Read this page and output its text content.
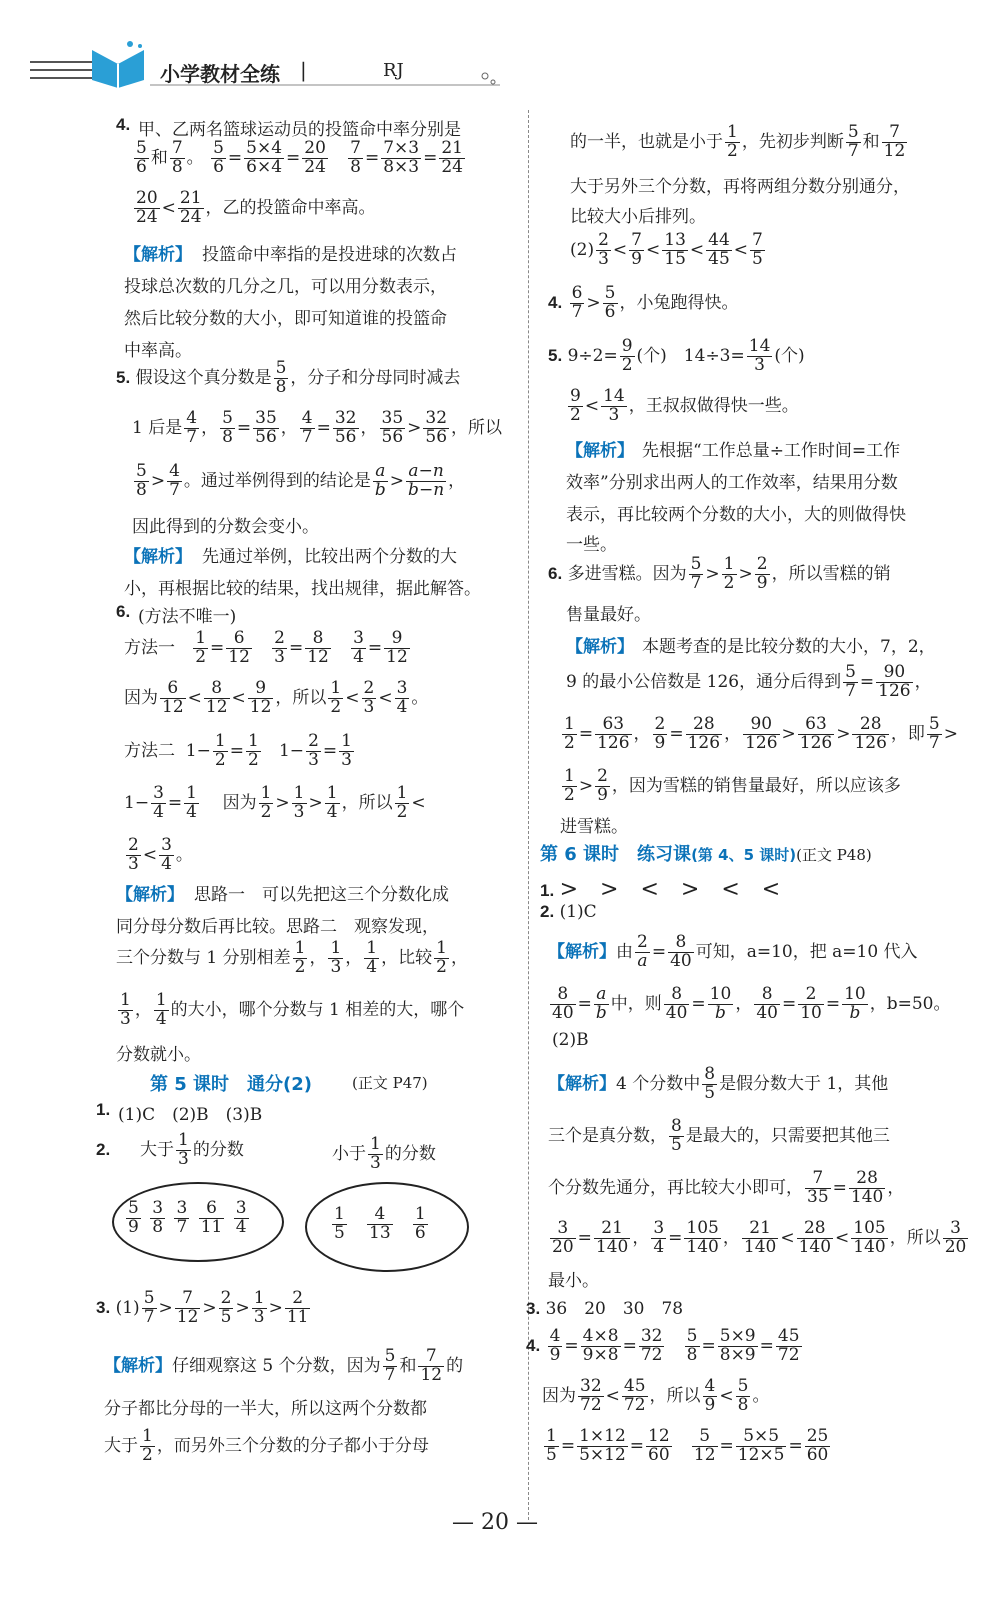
小学教材全练 |	RJ
4. 甲、乙两名篮球运动员的投篮命中率分别是
$\frac{5}{6}$ 和 $\frac{7}{8}$ 。 $\frac{5}{6} = \frac{5\times 4}{6\times 4} = \frac{20}{24}$
$\frac{7}{8} = \frac{7\times 3}{8\times 3} = \frac{21}{24}$
$\frac{20}{24} < \frac{21}{24}$ ，乙的投篮命中率高。
【解析】 投篮命中率指的是投进球的次数占
投球总次数的几分之几，可以用分数表示，
然后比较分数的大小，即可知道谁的投篮命
中率高。
5. 假设这个真分数是 $\frac{5}{8}$ ，分子和分母同时减去
1 后是 $\frac{4}{7}$ ， $\frac{5}{8} = \frac{35}{56}$ ， $\frac{4}{7} = \frac{32}{56}$ ， $\frac{35}{56} > \frac{32}{56}$ ，所以
$\frac{5}{8} > \frac{4}{7}$ 。通过举例得到的结论是 $\frac{a}{b} > \frac{a-n}{b-n}$ ，
因此得到的分数会变小。
【解析】 先通过举例，比较出两个分数的大
小，再根据比较的结果，找出规律，据此解答。
6. (方法不唯一)
方法一 $\frac{1}{2} = \frac{6}{12}$
$\frac{2}{3} = \frac{8}{12}$
$\frac{3}{4} = \frac{9}{12}$
因为 $\frac{6}{12} < \frac{8}{12} < \frac{9}{12}$ ，所以 $\frac{1}{2} < \frac{2}{3} < \frac{3}{4}$ 。
方法二  $1- \frac{1}{2} = \frac{1}{2} 1- \frac{2}{3} = \frac{1}{3}$
$1- \frac{3}{4} = \frac{1}{4}$ 因为 $\frac{1}{2} > \frac{1}{3} > \frac{1}{4}$ ，所以 $\frac{1}{2}$ <
$\frac{2}{3} < \frac{3}{4}$ 。
【解析】 思路一　可以先把这三个分数化成
同分母分数后再比较。思路二　观察发现，
三个分数与 1 分别相差 $\frac{1}{2}$ ， $\frac{1}{3}$ ， $\frac{1}{4}$ ，比较 $\frac{1}{2}$ ，
$\frac{1}{3}$ ， $\frac{1}{4}$ 的大小，哪个分数与 1 相差的大，哪个
分数就小。
第 5 课时　通分(2)	(正文 P47)
1. (1)C　(2)B　(3)B
2. 大于 $\frac{1}{3}$ 的分数	小于 $\frac{1}{3}$ 的分数
$\frac{5}{9}$
$\frac{3}{8}$
$\frac{3}{7}$
$\frac{6}{11}$
$\frac{3}{4}$	$\frac{1}{5}$
$\frac{4}{13}$
$\frac{1}{6}$
3. $(1) \frac{5}{7} > \frac{7}{12} > \frac{2}{5} > \frac{1}{3} > \frac{2}{11}$
【解析】仔细观察这 5 个分数，因为 $\frac{5}{7}$ 和 $\frac{7}{12}$ 的
分子都比分母的一半大，所以这两个分数都
大于 $\frac{1}{2}$ ，而另外三个分数的分子都小于分母
的一半，也就是小于 $\frac{1}{2}$ ，先初步判断 $\frac{5}{7}$ 和 $\frac{7}{12}$
大于另外三个分数，再将两组分数分别通分，
比较大小后排列。
$(2) \frac{2}{3} < \frac{7}{9} < \frac{13}{15} < \frac{44}{45} < \frac{7}{5}$
4. $\frac{6}{7} > \frac{5}{6}$ ，小兔跑得快。
5. $9\div 2= \frac{9}{2}$ (个)　$14\div 3= \frac{14}{3}$ (个)
$\frac{9}{2} < \frac{14}{3}$ ，王叔叔做得快一些。
【解析】 先根据“工作总量÷工作时间=工作
效率”分别求出两人的工作效率，结果用分数
表示，再比较两个分数的大小，大的则做得快
一些。
6. 多进雪糕。因为 $\frac{5}{7} > \frac{1}{2} > \frac{2}{9}$ ，所以雪糕的销
售量最好。
【解析】 本题考查的是比较分数的大小，7，2，
9 的最小公倍数是 126，通分后得到 $\frac{5}{7} = \frac{90}{126}$ ，
$\frac{1}{2} = \frac{63}{126}$ ， $\frac{2}{9} = \frac{28}{126}$ ， $\frac{90}{126} > \frac{63}{126} > \frac{28}{126}$ ，即 $\frac{5}{7}$ >
$\frac{1}{2} > \frac{2}{9}$ ，因为雪糕的销售量最好，所以应该多
进雪糕。
第 6 课时　练习课(第 4、5 课时)(正文 P48)
1. >　>　<　>　<　<
2. (1)C
【解析】由 $\frac{2}{a} = \frac{8}{40}$ 可知，a=10，把 a=10 代入
$\frac{8}{40} = \frac{a}{b}$ 中，则 $\frac{8}{40} = \frac{10}{b}$ ， $\frac{8}{40} = \frac{2}{10} = \frac{10}{b}$ ，b=50。
(2)B
【解析】4 个分数中 $\frac{8}{5}$ 是假分数大于 1，其他
三个是真分数， $\frac{8}{5}$ 是最大的，只需要把其他三
个分数先通分，再比较大小即可， $\frac{7}{35} = \frac{28}{140}$ ，
$\frac{3}{20} = \frac{21}{140}$ ， $\frac{3}{4} = \frac{105}{140}$ ， $\frac{21}{140} < \frac{28}{140} < \frac{105}{140}$ ，所以 $\frac{3}{20}$
最小。
3. 36　20　30　78
4. $\frac{4}{9} = \frac{4\times 8}{9\times 8} = \frac{32}{72}$
$\frac{5}{8} = \frac{5\times 9}{8\times 9} = \frac{45}{72}$
因为 $\frac{32}{72} < \frac{45}{72}$ ，所以 $\frac{4}{9} < \frac{5}{8}$ 。
$\frac{1}{5} = \frac{1\times 12}{5\times 12} = \frac{12}{60}$
$\frac{5}{12} = \frac{5\times 5}{12\times 5} = \frac{25}{60}$
— 20 —
